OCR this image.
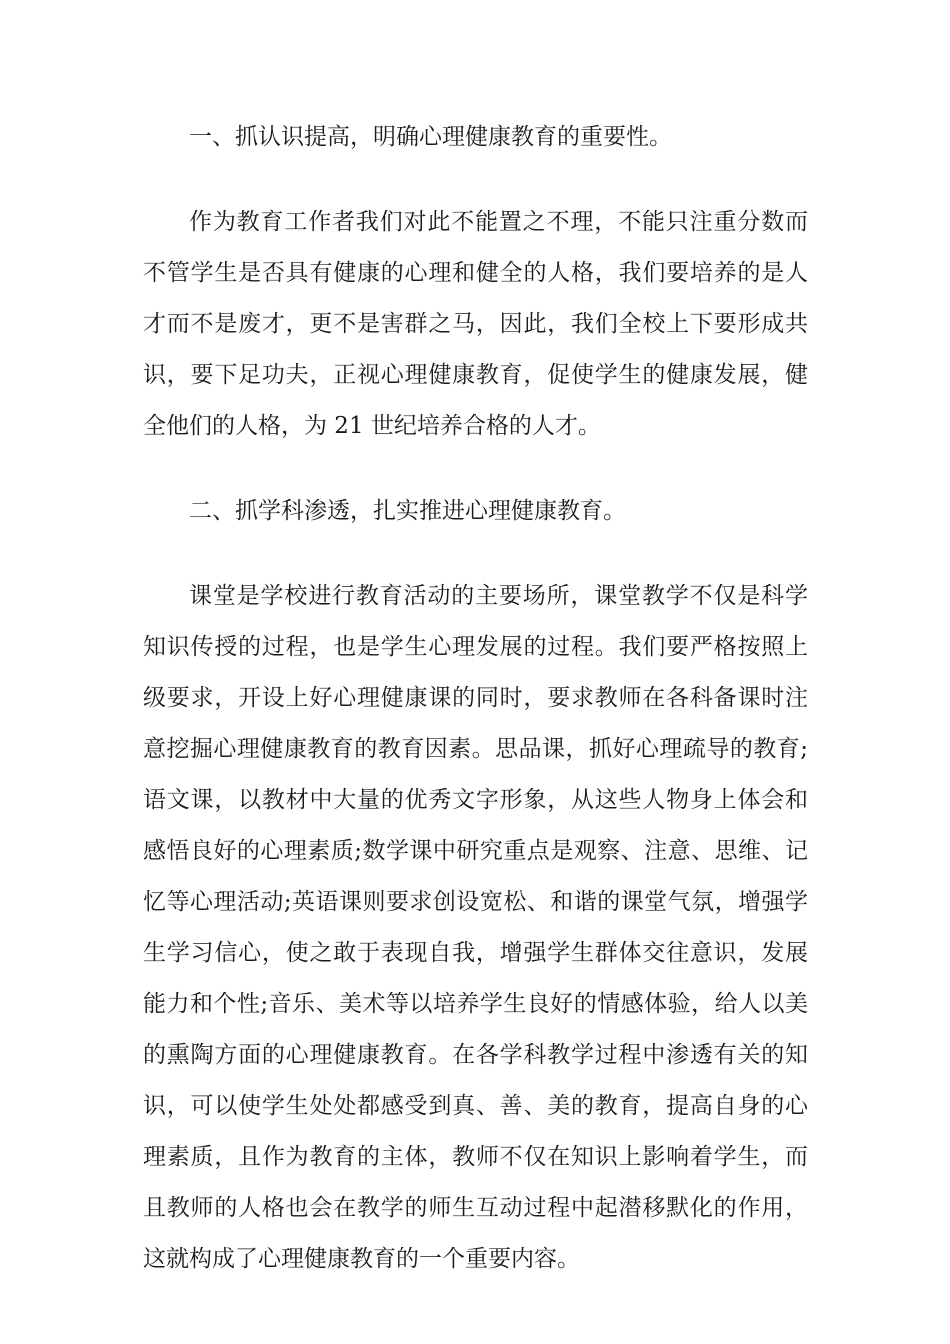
一、抓认识提高，明确心理健康教育的重要性。

作为教育工作者我们对此不能置之不理，不能只注重分数而不管学生是否具有健康的心理和健全的人格，我们要培养的是人才而不是废才，更不是害群之马，因此，我们全校上下要形成共识，要下足功夫，正视心理健康教育，促使学生的健康发展，健全他们的人格，为 21 世纪培养合格的人才。

二、抓学科渗透，扎实推进心理健康教育。

课堂是学校进行教育活动的主要场所，课堂教学不仅是科学知识传授的过程，也是学生心理发展的过程。我们要严格按照上级要求，开设上好心理健康课的同时，要求教师在各科备课时注意挖掘心理健康教育的教育因素。思品课，抓好心理疏导的教育;语文课，以教材中大量的优秀文字形象，从这些人物身上体会和感悟良好的心理素质;数学课中研究重点是观察、注意、思维、记忆等心理活动;英语课则要求创设宽松、和谐的课堂气氛，增强学生学习信心，使之敢于表现自我，增强学生群体交往意识，发展能力和个性;音乐、美术等以培养学生良好的情感体验，给人以美的熏陶方面的心理健康教育。在各学科教学过程中渗透有关的知识，可以使学生处处都感受到真、善、美的教育，提高自身的心理素质，且作为教育的主体，教师不仅在知识上影响着学生，而且教师的人格也会在教学的师生互动过程中起潜移默化的作用，这就构成了心理健康教育的一个重要内容。
